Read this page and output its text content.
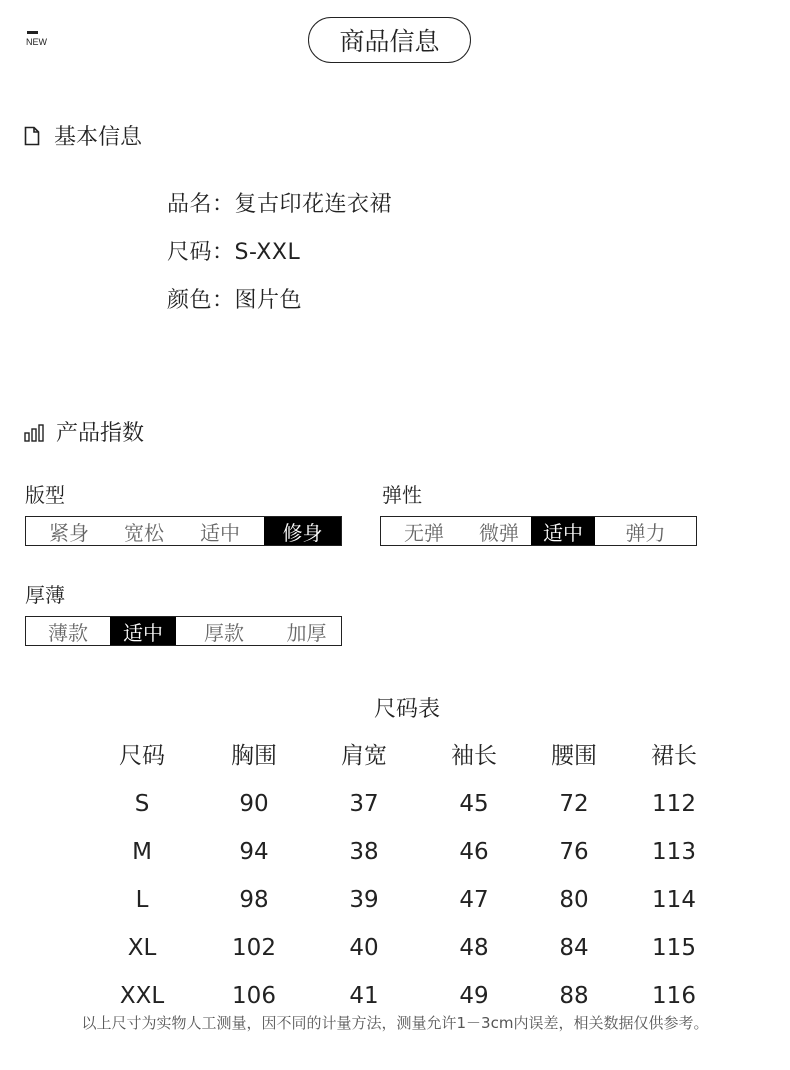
NEW	商品信息
基本信息
品名：复古印花连衣裙
尺码：S-XXL
颜色：图片色
产品指数
版型
紧身	宽松	适中	修身
弹性
无弹	微弹	适中	弹力
厚薄
薄款	适中	厚款	加厚
尺码表
尺码	胸围	肩宽	袖长 腰围 裙长
S	90	37	45	72	112
M	94	38	46	76	113
L	98	39	47	80	114
XL	102	40	48	84	115
XXL	106	41	49	88	116
以上尺寸为实物人工测量，因不同的计量方法，测量允许1－3cm内误差，相关数据仅供参考。
